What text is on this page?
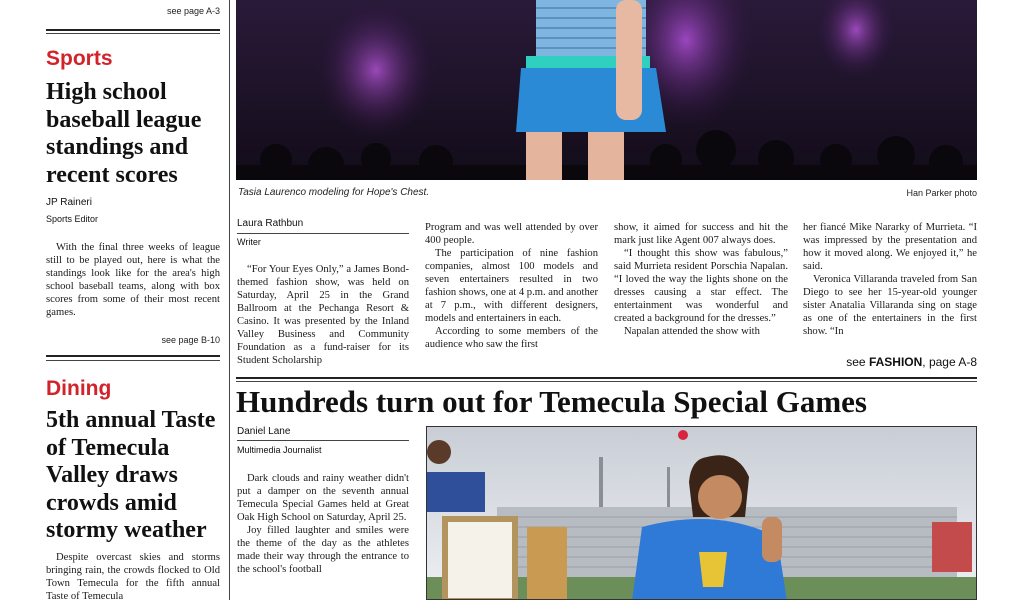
see page A-3
Sports
High school baseball league standings and recent scores
JP Raineri
Sports Editor

With the final three weeks of league still to be played out, here is what the standings look like for the area's high school baseball teams, along with box scores from some of their most recent games.

see page B-10
Dining
5th annual Taste of Temecula Valley draws crowds amid stormy weather

Despite overcast skies and storms bringing rain, the crowds flocked to Old Town Temecula for the fifth annual Taste of Temecula

Tasia Laurenco modeling for Hope's Chest.	Han Parker photo
Laura Rathbun
Writer

“For Your Eyes Only,” a James Bond-themed fashion show, was held on Saturday, April 25 in the Grand Ballroom at the Pechanga Resort & Casino. It was presented by the Inland Valley Business and Community Foundation as a fund-raiser for its Student Scholarship

Program and was well attended by over 400 people.

The participation of nine fashion companies, almost 100 models and seven entertainers resulted in two fashion shows, one at 4 p.m. and another at 7 p.m., with different designers, models and entertainers in each.

According to some members of the audience who saw the first

show, it aimed for success and hit the mark just like Agent 007 always does.

“I thought this show was fabulous,” said Murrieta resident Porschia Napalan. “I loved the way the lights shone on the dresses causing a star effect. The entertainment was wonderful and created a background for the dresses.”

Napalan attended the show with

her fiancé Mike Nararky of Murrieta. “I was impressed by the presentation and how it moved along. We enjoyed it,” he said.

Veronica Villaranda traveled from San Diego to see her 15-year-old younger sister Anatalia Villaranda sing on stage as one of the entertainers in the first show. “In

see FASHION, page A-8
Hundreds turn out for Temecula Special Games
Daniel Lane
Multimedia Journalist

Dark clouds and rainy weather didn't put a damper on the seventh annual Temecula Special Games held at Great Oak High School on Saturday, April 25.

Joy filled laughter and smiles were the theme of the day as the athletes made their way through the entrance to the school's football
